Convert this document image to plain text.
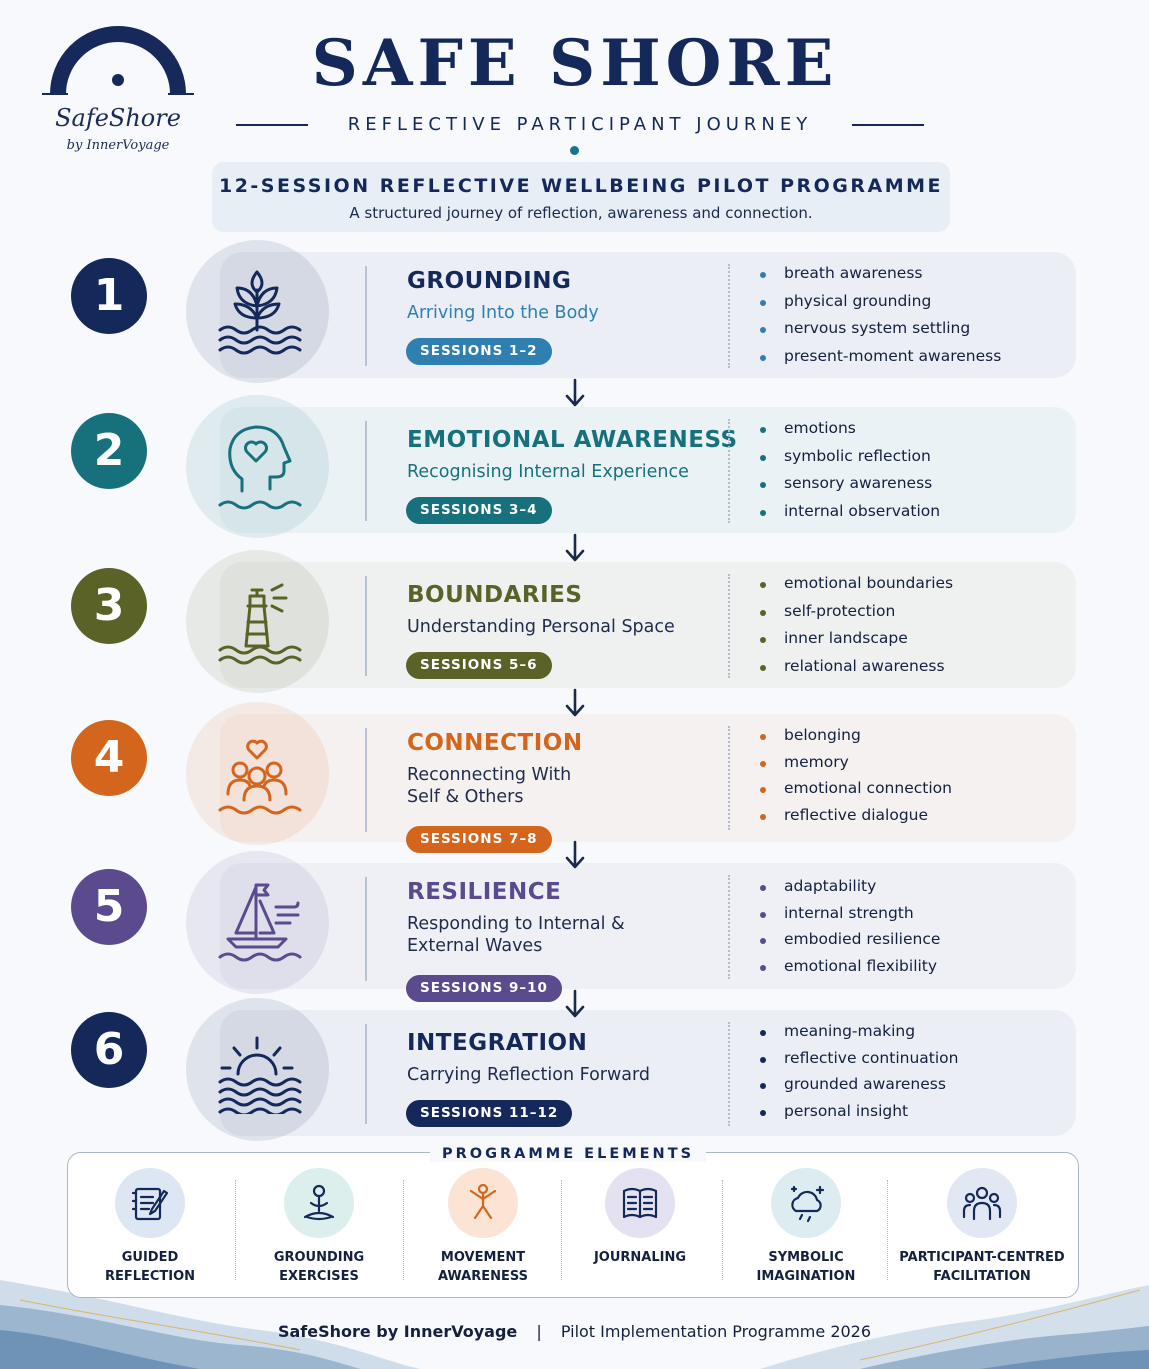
SafeShore
by InnerVoyage
SAFE SHORE
REFLECTIVE PARTICIPANT JOURNEY
12-SESSION REFLECTIVE WELLBEING PILOT PROGRAMME
A structured journey of reflection, awareness and connection.
1	GROUNDING
Arriving Into the Body
SESSIONS 1–2
breath awareness
physical grounding
nervous system settling
present-moment awareness
2	EMOTIONAL AWARENESS
Recognising Internal Experience
SESSIONS 3–4
emotions
symbolic reflection
sensory awareness
internal observation
3	BOUNDARIES
Understanding Personal Space
SESSIONS 5–6
emotional boundaries
self-protection
inner landscape
relational awareness
4	CONNECTION
Reconnecting With
Self & Others
SESSIONS 7–8
belonging
memory
emotional connection
reflective dialogue
5	RESILIENCE
Responding to Internal &
External Waves
SESSIONS 9–10
adaptability
internal strength
embodied resilience
emotional flexibility
6	INTEGRATION
Carrying Reflection Forward
SESSIONS 11–12
meaning-making
reflective continuation
grounded awareness
personal insight
PROGRAMME ELEMENTS
GUIDED
REFLECTION
GROUNDING
EXERCISES
MOVEMENT
AWARENESS
JOURNALING	SYMBOLIC
IMAGINATION
PARTICIPANT-CENTRED
FACILITATION
SafeShore by InnerVoyage | Pilot Implementation Programme 2026
